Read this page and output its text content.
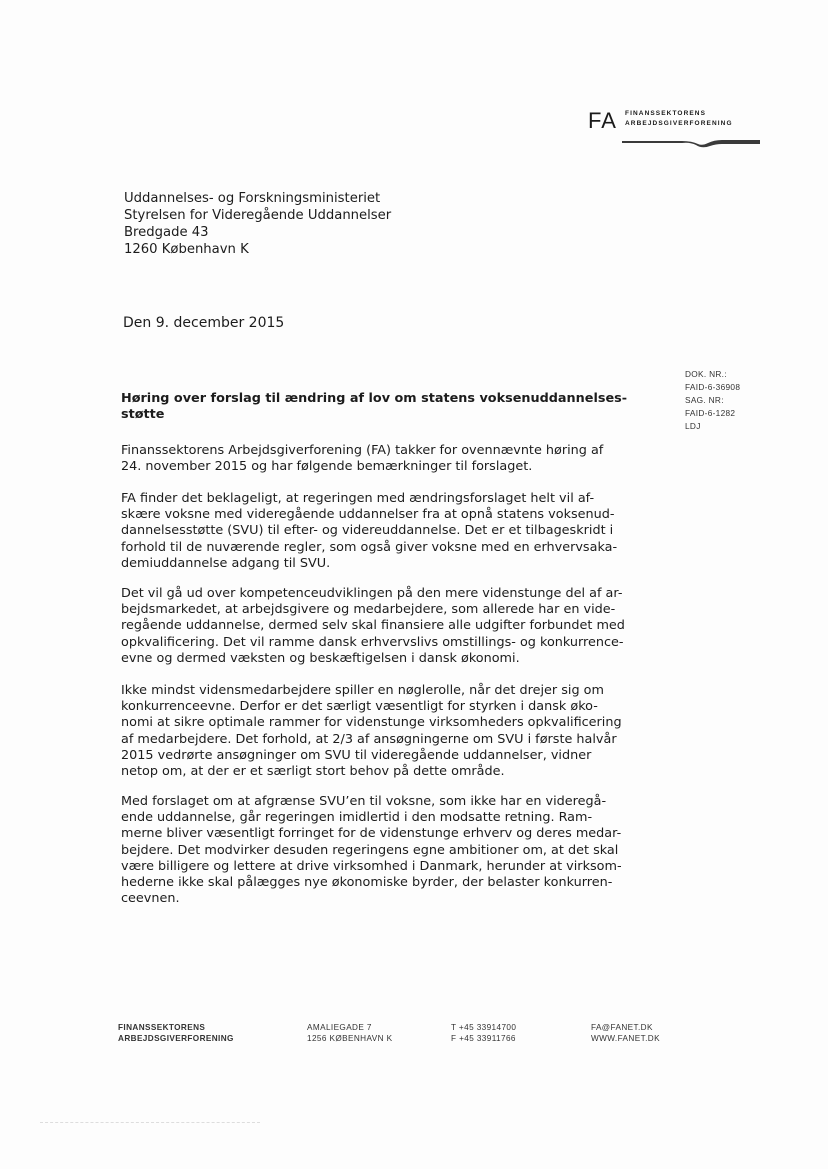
FA FINANSSEKTORENS
ARBEJDSGIVERFORENING
Uddannelses- og Forskningsministeriet
Styrelsen for Videregående Uddannelser
Bredgade 43
1260 København K
Den 9. december 2015
DOK. NR.:
FAID-6-36908
SAG. NR:
FAID-6-1282
LDJ
Høring over forslag til ændring af lov om statens voksenuddannelses-
støtte
Finanssektorens Arbejdsgiverforening (FA) takker for ovennævnte høring af
24. november 2015 og har følgende bemærkninger til forslaget.
FA finder det beklageligt, at regeringen med ændringsforslaget helt vil af-
skære voksne med videregående uddannelser fra at opnå statens voksenud-
dannelsesstøtte (SVU) til efter- og videreuddannelse. Det er et tilbageskridt i
forhold til de nuværende regler, som også giver voksne med en erhvervsaka-
demiuddannelse adgang til SVU.
Det vil gå ud over kompetenceudviklingen på den mere videnstunge del af ar-
bejdsmarkedet, at arbejdsgivere og medarbejdere, som allerede har en vide-
regående uddannelse, dermed selv skal finansiere alle udgifter forbundet med
opkvalificering. Det vil ramme dansk erhvervslivs omstillings- og konkurrence-
evne og dermed væksten og beskæftigelsen i dansk økonomi.
Ikke mindst vidensmedarbejdere spiller en nøglerolle, når det drejer sig om
konkurrenceevne. Derfor er det særligt væsentligt for styrken i dansk øko-
nomi at sikre optimale rammer for videnstunge virksomheders opkvalificering
af medarbejdere. Det forhold, at 2/3 af ansøgningerne om SVU i første halvår
2015 vedrørte ansøgninger om SVU til videregående uddannelser, vidner
netop om, at der er et særligt stort behov på dette område.
Med forslaget om at afgrænse SVU’en til voksne, som ikke har en videregå-
ende uddannelse, går regeringen imidlertid i den modsatte retning. Ram-
merne bliver væsentligt forringet for de videnstunge erhverv og deres medar-
bejdere. Det modvirker desuden regeringens egne ambitioner om, at det skal
være billigere og lettere at drive virksomhed i Danmark, herunder at virksom-
hederne ikke skal pålægges nye økonomiske byrder, der belaster konkurren-
ceevnen.
FINANSSEKTORENS
ARBEJDSGIVERFORENING
AMALIEGADE 7
1256 KØBENHAVN K
T +45 33914700
F +45 33911766
FA@FANET.DK
WWW.FANET.DK
